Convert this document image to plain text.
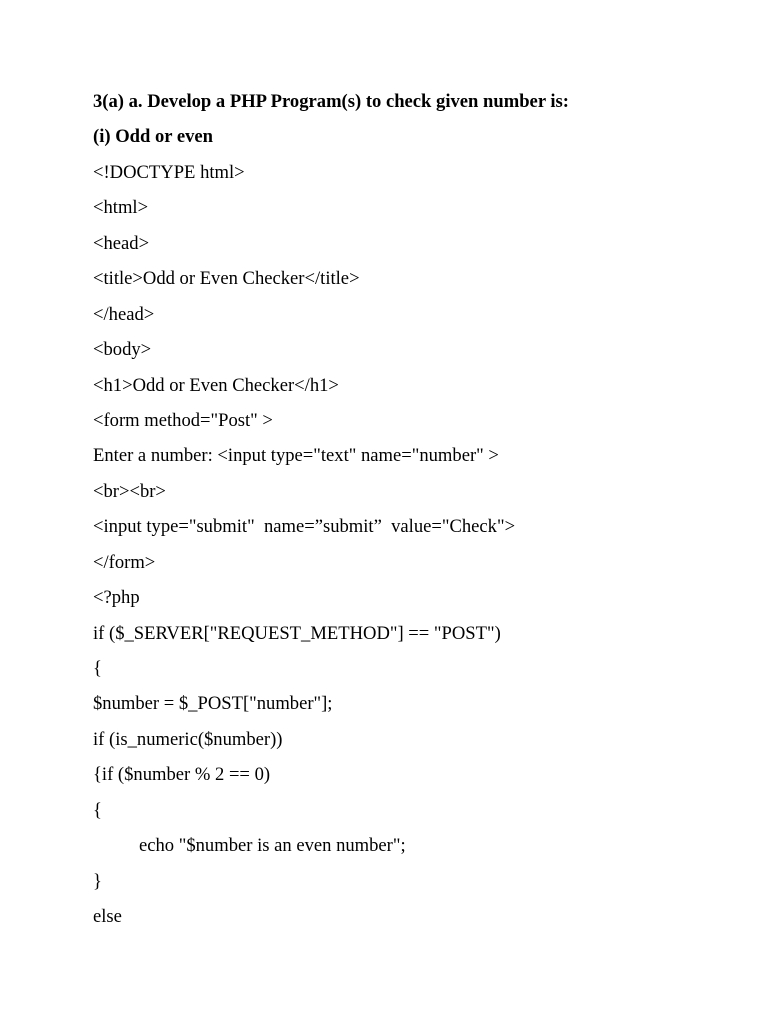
3(a) a. Develop a PHP Program(s) to check given number is:
(i) Odd or even
<!DOCTYPE html>
<html>
<head>
<title>Odd or Even Checker</title>
</head>
<body>
<h1>Odd or Even Checker</h1>
<form method="Post" >
Enter a number: <input type="text" name="number" >
<br><br>
<input type="submit"  name=”submit”  value="Check">
</form>
<?php
if ($_SERVER["REQUEST_METHOD"] == "POST")
{
$number = $_POST["number"];
if (is_numeric($number))
{if ($number % 2 == 0)
{
echo "$number is an even number";
}
else
